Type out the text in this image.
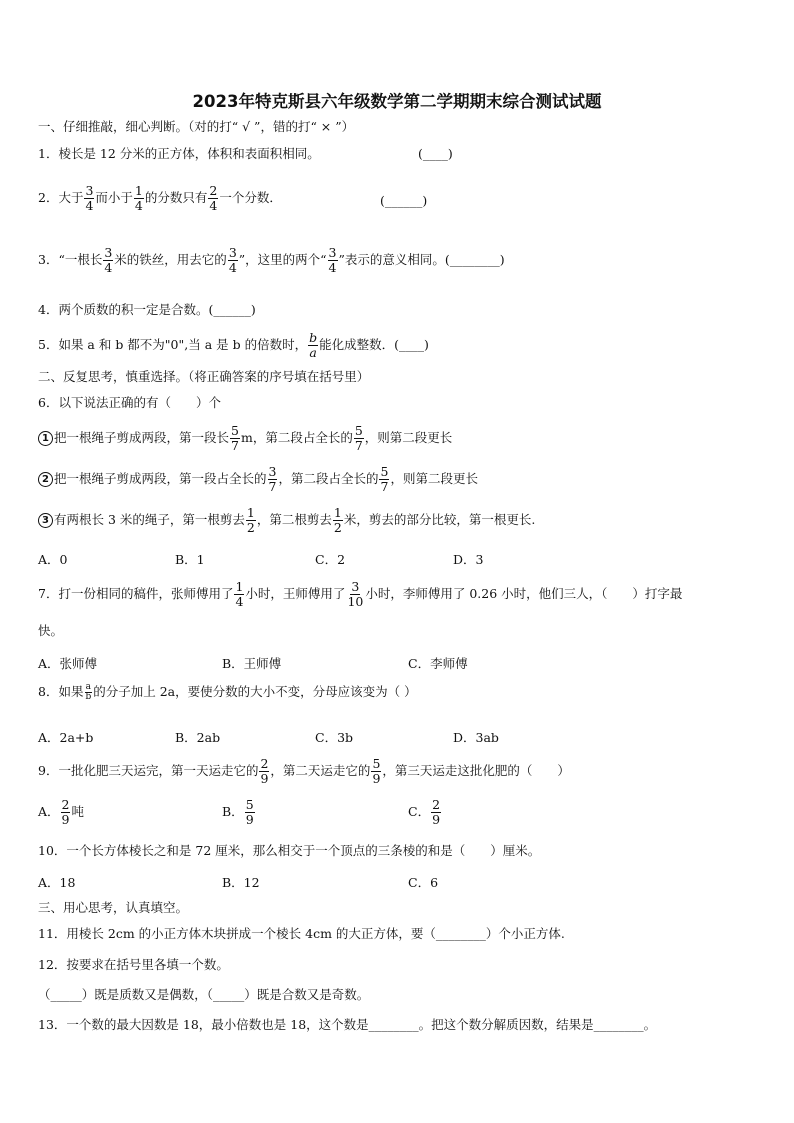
2023年特克斯县六年级数学第二学期期末综合测试试题
一、仔细推敲，细心判断。（对的打“ √ ”，错的打“ × ”）
1．棱长是 12 分米的正方体，体积和表面积相同。	(____)
2．大于 $\frac{3}{4}$ 而小于 $\frac{1}{4}$ 的分数只有 $\frac{2}{4}$ 一个分数．	(______)
3．“一根长 $\frac{3}{4}$ 米的铁丝，用去它的 $\frac{3}{4}$ ”，这里的两个“ $\frac{3}{4}$ ”表示的意义相同。(________)
4．两个质数的积一定是合数。(______)
5．如果 a 和 b 都不为"0",当 a 是 b 的倍数时， $\frac{b}{a}$ 能化成整数．(____)
二、反复思考，慎重选择。（将正确答案的序号填在括号里）
6．以下说法正确的有（　　）个
1 把一根绳子剪成两段，第一段长 $\frac{5}{7}$ m，第二段占全长的 $\frac{5}{7}$ ，则第二段更长
2 把一根绳子剪成两段，第一段占全长的 $\frac{3}{7}$ ，第二段占全长的 $\frac{5}{7}$ ，则第二段更长
3 有两根长 3 米的绳子，第一根剪去 $\frac{1}{2}$ ，第二根剪去 $\frac{1}{2}$ 米，剪去的部分比较，第一根更长.
A．0	B．1	C．2	D．3
7．打一份相同的稿件，张师傅用了 $\frac{1}{4}$ 小时，王师傅用了 $\frac{3}{10}$ 小时，李师傅用了 0.26 小时，他们三人，（　　）打字最
快。
A．张师傅	B．王师傅	C．李师傅
8．如果 $\frac{a}{b}$ 的分子加上 2a，要使分数的大小不变，分母应该变为（ ）
A．2a+b	B．2ab	C．3b	D．3ab
9．一批化肥三天运完，第一天运走它的 $\frac{2}{9}$ ，第二天运走它的 $\frac{5}{9}$ ，第三天运走这批化肥的（　　）
A． $\frac{2}{9}$ 吨	B． $\frac{5}{9}$	C． $\frac{2}{9}$
10．一个长方体棱长之和是 72 厘米，那么相交于一个顶点的三条棱的和是（　　）厘米。
A．18	B．12	C．6
三、用心思考，认真填空。
11．用棱长 2cm 的小正方体木块拼成一个棱长 4cm 的大正方体，要（________）个小正方体.
12．按要求在括号里各填一个数。
（_____）既是质数又是偶数，（_____）既是合数又是奇数。
13．一个数的最大因数是 18，最小倍数也是 18，这个数是________。把这个数分解质因数，结果是________。
